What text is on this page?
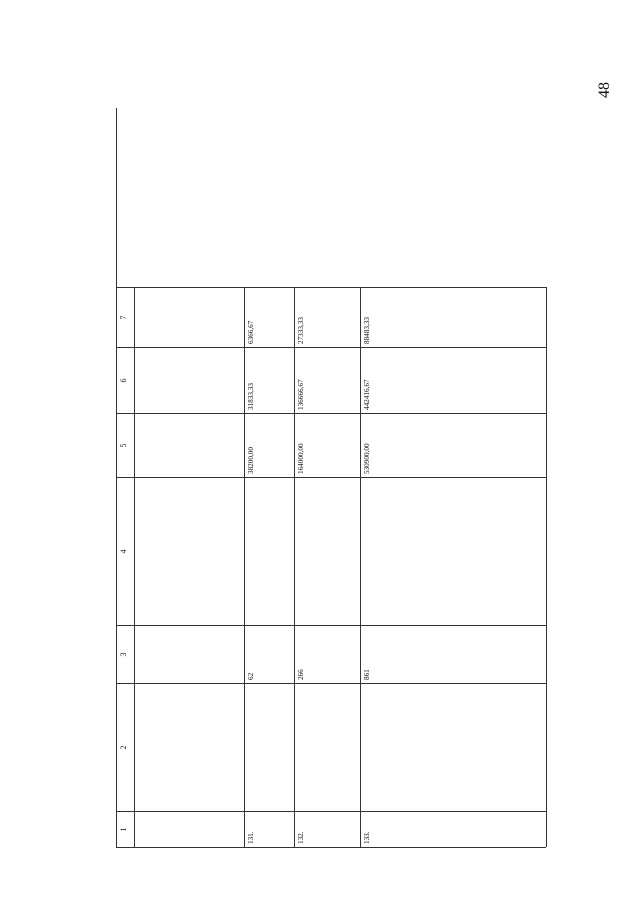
48
1
2
3
4
5
6
7
131.
62
38200,00
31833,33
6366,67
132.
266
164000,00
136666,67
27333,33
133.
861
530900,00
442416,67
88483,33
